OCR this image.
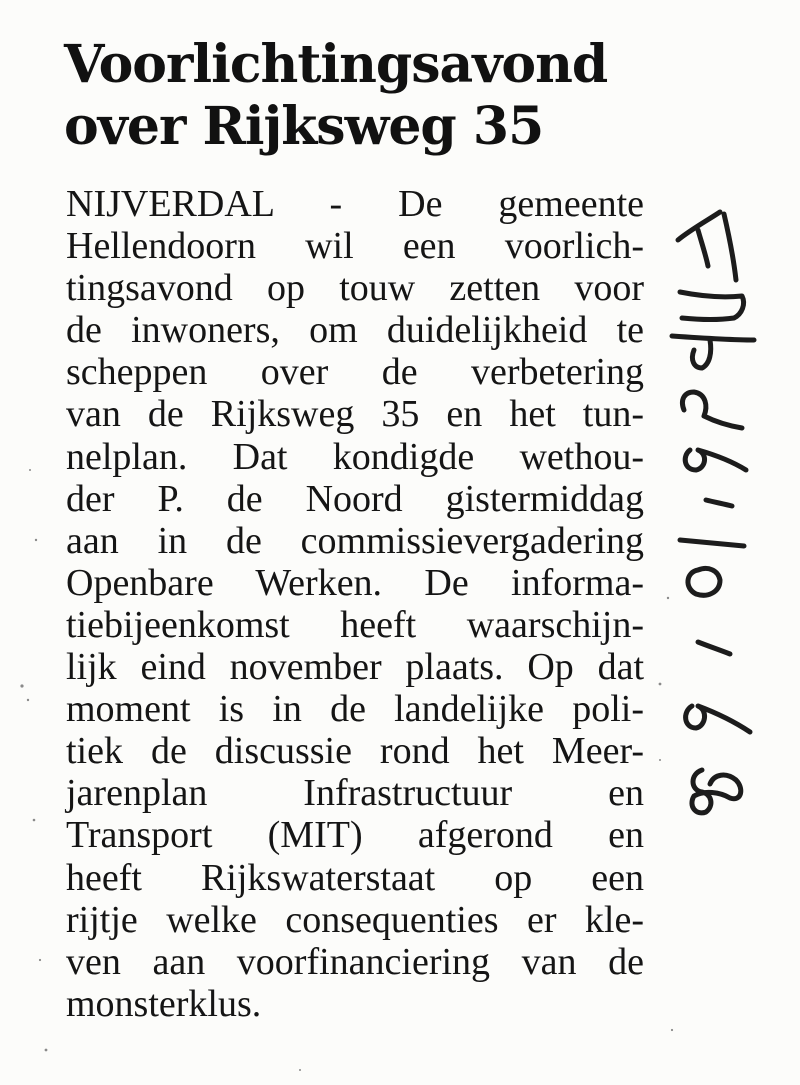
Voorlichtingsavond
over Rijksweg 35
NIJVERDAL - De gemeente
Hellendoorn wil een voorlich-
tingsavond op touw zetten voor
de inwoners, om duidelijkheid te
scheppen over de verbetering
van de Rijksweg 35 en het tun-
nelplan. Dat kondigde wethou-
der P. de Noord gistermiddag
aan in de commissievergadering
Openbare Werken. De informa-
tiebijeenkomst heeft waarschijn-
lijk eind november plaats. Op dat
moment is in de landelijke poli-
tiek de discussie rond het Meer-
jarenplan Infrastructuur en
Transport (MIT) afgerond en
heeft Rijkswaterstaat op een
rijtje welke consequenties er kle-
ven aan voorfinanciering van de
monsterklus.
